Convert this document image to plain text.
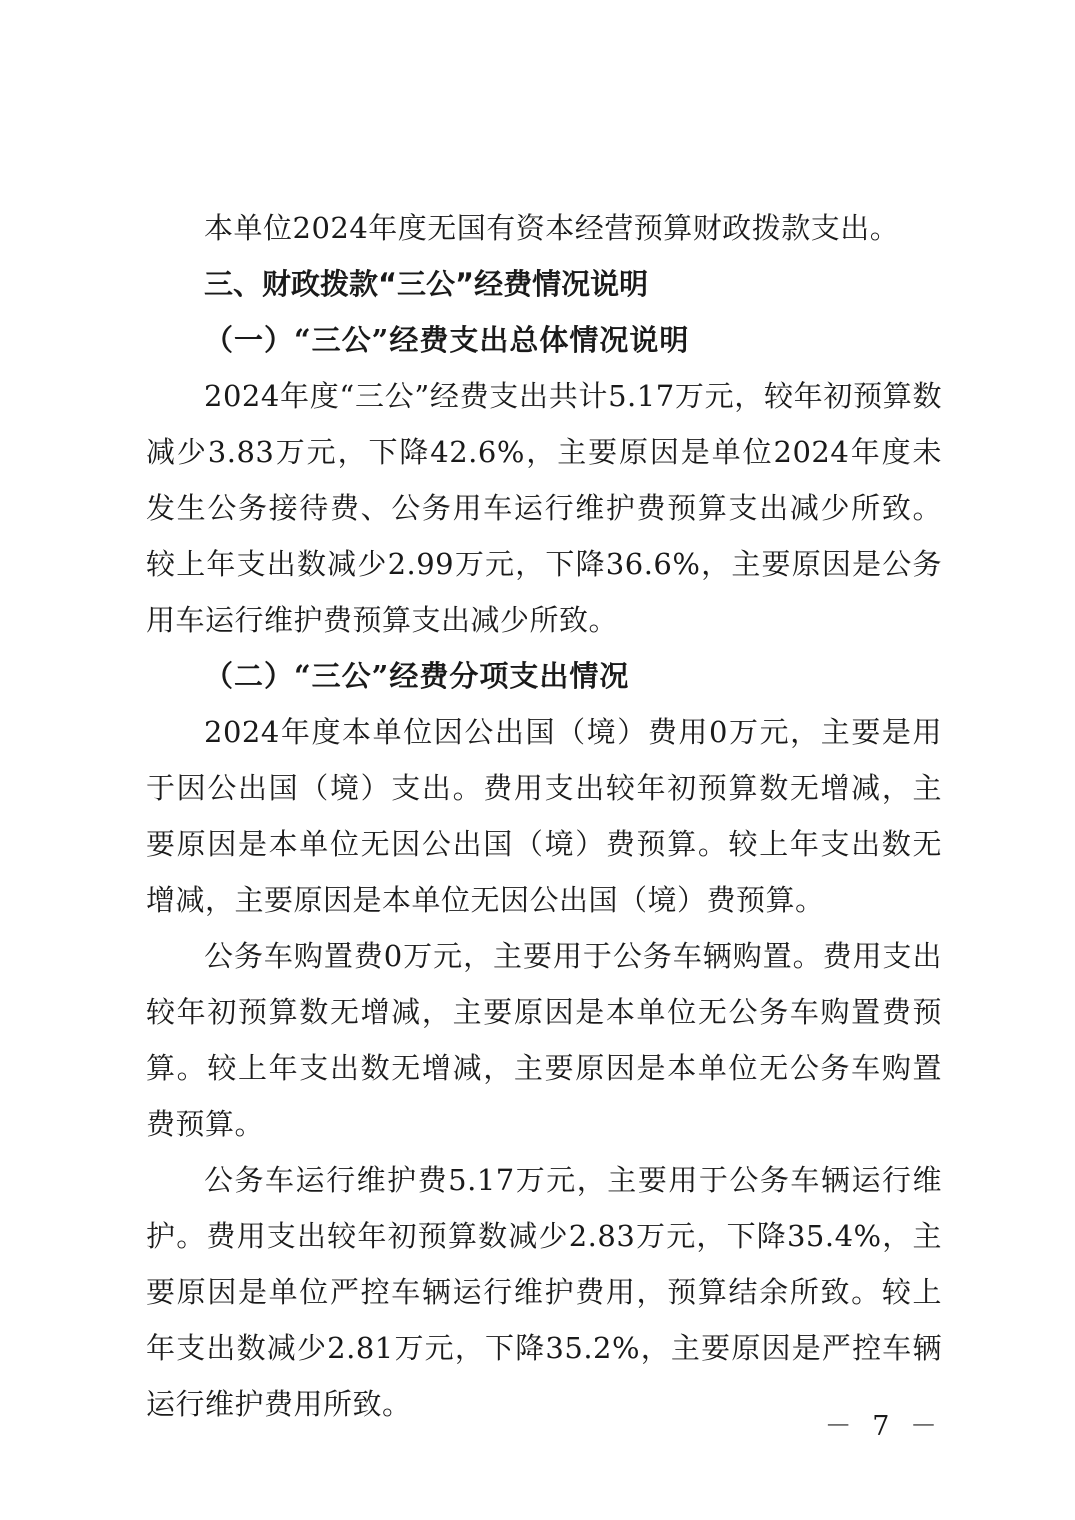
本单位2024年度无国有资本经营预算财政拨款支出。

三、财政拨款“三公”经费情况说明

（一）“三公”经费支出总体情况说明

2024年度“三公”经费支出共计5.17万元，较年初预算数减少3.83万元，下降42.6%，主要原因是单位2024年度未发生公务接待费、公务用车运行维护费预算支出减少所致。较上年支出数减少2.99万元，下降36.6%，主要原因是公务用车运行维护费预算支出减少所致。

（二）“三公”经费分项支出情况

2024年度本单位因公出国（境）费用0万元，主要是用于因公出国（境）支出。费用支出较年初预算数无增减，主要原因是本单位无因公出国（境）费预算。较上年支出数无增减，主要原因是本单位无因公出国（境）费预算。

公务车购置费0万元，主要用于公务车辆购置。费用支出较年初预算数无增减，主要原因是本单位无公务车购置费预算。较上年支出数无增减，主要原因是本单位无公务车购置费预算。

公务车运行维护费5.17万元，主要用于公务车辆运行维护。费用支出较年初预算数减少2.83万元，下降35.4%，主要原因是单位严控车辆运行维护费用，预算结余所致。较上年支出数减少2.81万元，下降35.2%，主要原因是严控车辆运行维护费用所致。

－ 7 －
